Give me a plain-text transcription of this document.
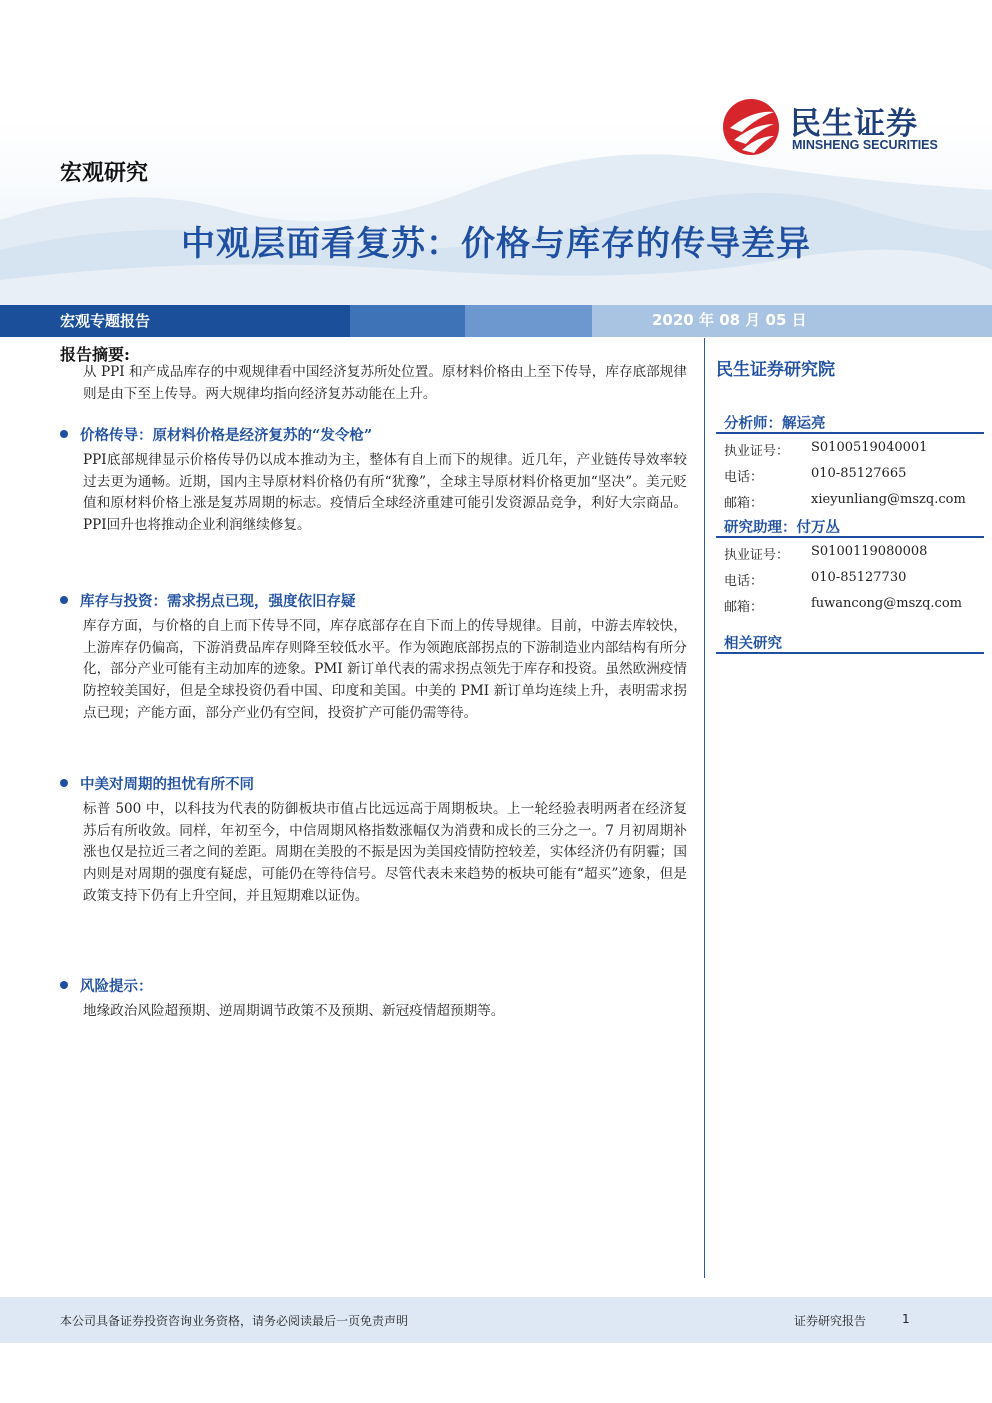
民生证券
MINSHENG SECURITIES
宏观研究
中观层面看复苏：价格与库存的传导差异
宏观专题报告	2020 年 08 月 05 日
报告摘要:

从 PPI 和产成品库存的中观规律看中国经济复苏所处位置。原材料价格由上至下传导，库存底部规律则是由下至上传导。两大规律均指向经济复苏动能在上升。

价格传导：原材料价格是经济复苏的“发令枪”

PPI底部规律显示价格传导仍以成本推动为主，整体有自上而下的规律。近几年，产业链传导效率较过去更为通畅。近期，国内主导原材料价格仍有所“犹豫”，全球主导原材料价格更加“坚决”。美元贬值和原材料价格上涨是复苏周期的标志。疫情后全球经济重建可能引发资源品竞争，利好大宗商品。PPI回升也将推动企业利润继续修复。

库存与投资：需求拐点已现，强度依旧存疑

库存方面，与价格的自上而下传导不同，库存底部存在自下而上的传导规律。目前，中游去库较快，上游库存仍偏高，下游消费品库存则降至较低水平。作为领跑底部拐点的下游制造业内部结构有所分化，部分产业可能有主动加库的迹象。PMI 新订单代表的需求拐点领先于库存和投资。虽然欧洲疫情防控较美国好，但是全球投资仍看中国、印度和美国。中美的 PMI 新订单均连续上升，表明需求拐点已现；产能方面，部分产业仍有空间，投资扩产可能仍需等待。

中美对周期的担忧有所不同

标普 500 中，以科技为代表的防御板块市值占比远远高于周期板块。上一轮经验表明两者在经济复苏后有所收敛。同样，年初至今，中信周期风格指数涨幅仅为消费和成长的三分之一。7 月初周期补涨也仅是拉近三者之间的差距。周期在美股的不振是因为美国疫情防控较差，实体经济仍有阴霾；国内则是对周期的强度有疑虑，可能仍在等待信号。尽管代表未来趋势的板块可能有“超买”迹象，但是政策支持下仍有上升空间，并且短期难以证伪。

风险提示：

地缘政治风险超预期、逆周期调节政策不及预期、新冠疫情超预期等。

民生证券研究院
分析师：解运亮
执业证号： S0100519040001
电话：	010-85127665
邮箱：	xieyunliang@mszq.com
研究助理：付万丛
执业证号： S0100119080008
电话：	010-85127730
邮箱：	fuwancong@mszq.com
相关研究
本公司具备证券投资咨询业务资格，请务必阅读最后一页免责声明	证券研究报告	1
